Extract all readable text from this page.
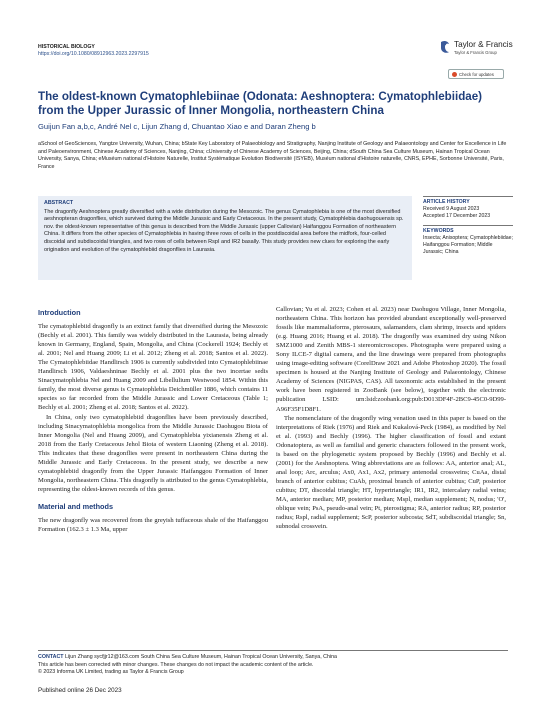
HISTORICAL BIOLOGY
https://doi.org/10.1080/08912963.2023.2297915
Taylor & Francis
Taylor & Francis Group
Check for updates
The oldest-known Cymatophlebiinae (Odonata: Aeshnoptera: Cymatophlebiidae) from the Upper Jurassic of Inner Mongolia, northeastern China
Guijun Fan a,b,c, André Nel c, Lijun Zhang d, Chuantao Xiao e and Daran Zheng b
aSchool of GeoSciences, Yangtze University, Wuhan, China; bState Key Laboratory of Palaeobiology and Stratigraphy, Nanjing Institute of Geology and Palaeontology and Center for Excellence in Life and Paleoenvironment, Chinese Academy of Sciences, Nanjing, China; cUniversity of Chinese Academy of Sciences, Beijing, China; dSouth China Sea Culture Museum, Hainan Tropical Ocean University, Sanya, China; eMuséum national d'Histoire Naturelle, Institut Systématique Evolution Biodiversité (ISYEB), Muséum national d'Histoire naturelle, CNRS, EPHE, Sorbonne Université, Paris, France
ABSTRACT
The dragonfly Aeshnoptera greatly diversified with a wide distribution during the Mesozoic. The genus Cymatophlebia is one of the most diversified aeshnopteran dragonflies, which survived during the Middle Jurassic and Early Cretaceous. In the present study, Cymatophlebia daohugouensis sp. nov. the oldest-known representative of this genus is described from the Middle Jurassic (upper Callovian) Haifanggou Formation of northeastern China. It differs from the other species of Cymatophlebia in having three rows of cells in the postdiscoidal area before the midfork, four-celled discoidal and subdiscoidal triangles, and two rows of cells between RspI and IR2 basally. This study provides new clues for exploring the early origination and evolution of the cymatophlebiid dragonflies in Laurasia.
ARTICLE HISTORY
Received 9 August 2023
Accepted 17 December 2023
KEYWORDS
Insecta; Anisoptera; Cymatophlebiidae; Haifanggou Formation; Middle Jurassic; China
Introduction

The cymatophlebiid dragonfly is an extinct family that diversified during the Mesozoic (Bechly et al. 2001). This family was widely distributed in the Laurasia, being already known in Germany, England, Spain, Mongolia, and China (Cockerell 1924; Bechly et al. 2001; Nel and Huang 2009; Li et al. 2012; Zheng et al. 2018; Santos et al. 2022). The Cymatophlebiidae Handlirsch 1906 is currently subdivided into Cymatophlebiinae Handlirsch 1906, Valdaeshninae Bechly et al. 2001 plus the two incertae sedis Sinacymatophlebia Nel and Huang 2009 and Libellulium Westwood 1854. Within this family, the most diverse genus is Cymatophlebia Deichmüller 1886, which contains 11 species so far recorded from the Middle Jurassic and Lower Cretaceous (Table 1; Bechly et al. 2001; Zheng et al. 2018; Santos et al. 2022).

In China, only two cymatophlebiid dragonflies have been previously described, including Sinacymatophlebia mongolica from the Middle Jurassic Daohugou Biota of Inner Mongolia (Nel and Huang 2009), and Cymatophlebia yixianensis Zheng et al. 2018 from the Early Cretaceous Jehol Biota of western Liaoning (Zheng et al. 2018). This indicates that these dragonflies were present in northeastern China during the Middle Jurassic and Early Cretaceous. In the present study, we describe a new cymatophlebiid dragonfly from the Upper Jurassic Haifanggou Formation of Inner Mongolia, northeastern China. This dragonfly is attributed to the genus Cymatophlebia, representing the oldest-known records of this genus.

Material and methods

The new dragonfly was recovered from the greyish tuffaceous shale of the Haifanggou Formation (162.3 ± 1.3 Ma, upper

Callovian; Yu et al. 2023; Cohen et al. 2023) near Daohugou Village, Inner Mongolia, northeastern China. This horizon has provided abundant exceptionally well-preserved fossils like mammaliaforms, pterosaurs, salamanders, clam shrimp, insects and spiders (e.g. Huang 2016; Huang et al. 2018). The dragonfly was examined dry using Nikon SMZ1000 and Zenith MBS-1 stereomicroscopes. Photographs were prepared using a Sony ILCE-7 digital camera, and the line drawings were prepared from photographs using image-editing software (CorelDraw 2021 and Adobe Photoshop 2020). The fossil specimen is housed at the Nanjing Institute of Geology and Palaeontology, Chinese Academy of Sciences (NIGPAS, CAS). All taxonomic acts established in the present work have been registered in ZooBank (see below), together with the electronic publication LSID: urn:lsid:zoobank.org:pub:D013DF4F-2BC9-45C0-9D99-A96F35F1D8F1.

The nomenclature of the dragonfly wing venation used in this paper is based on the interpretations of Riek (1976) and Riek and Kukalová-Peck (1984), as modified by Nel et al. (1993) and Bechly (1996). The higher classification of fossil and extant Odonatoptera, as well as familial and generic characters followed in the present work, is based on the phylogenetic system proposed by Bechly (1996) and Bechly et al. (2001) for the Aeshnoptera. Wing abbreviations are as follows: AA, anterior anal; AL, anal loop; Arc, arculus; Ax0, Ax1, Ax2, primary antenodal crossveins; CuAa, distal branch of anterior cubitus; CuAb, proximal branch of anterior cubitus; CuP, posterior cubitus; DT, discoidal triangle; HT, hypertriangle; IR1, IR2, intercalary radial veins; MA, anterior median; MP, posterior median; Mspl, median supplement; N, nodus; 'O', oblique vein; PsA, pseudo-anal vein; Pt, pterostigma; RA, anterior radius; RP, posterior radius; Rspl, radial supplement; ScP, posterior subcosta; SdT, subdiscoidal triangle; Sn, subnodal crossvein.

CONTACT Lijun Zhang sycfjjr12@163.com South China Sea Culture Museum, Hainan Tropical Ocean University, Sanya, China
This article has been corrected with minor changes. These changes do not impact the academic content of the article.
© 2023 Informa UK Limited, trading as Taylor & Francis Group
Published online 26 Dec 2023
